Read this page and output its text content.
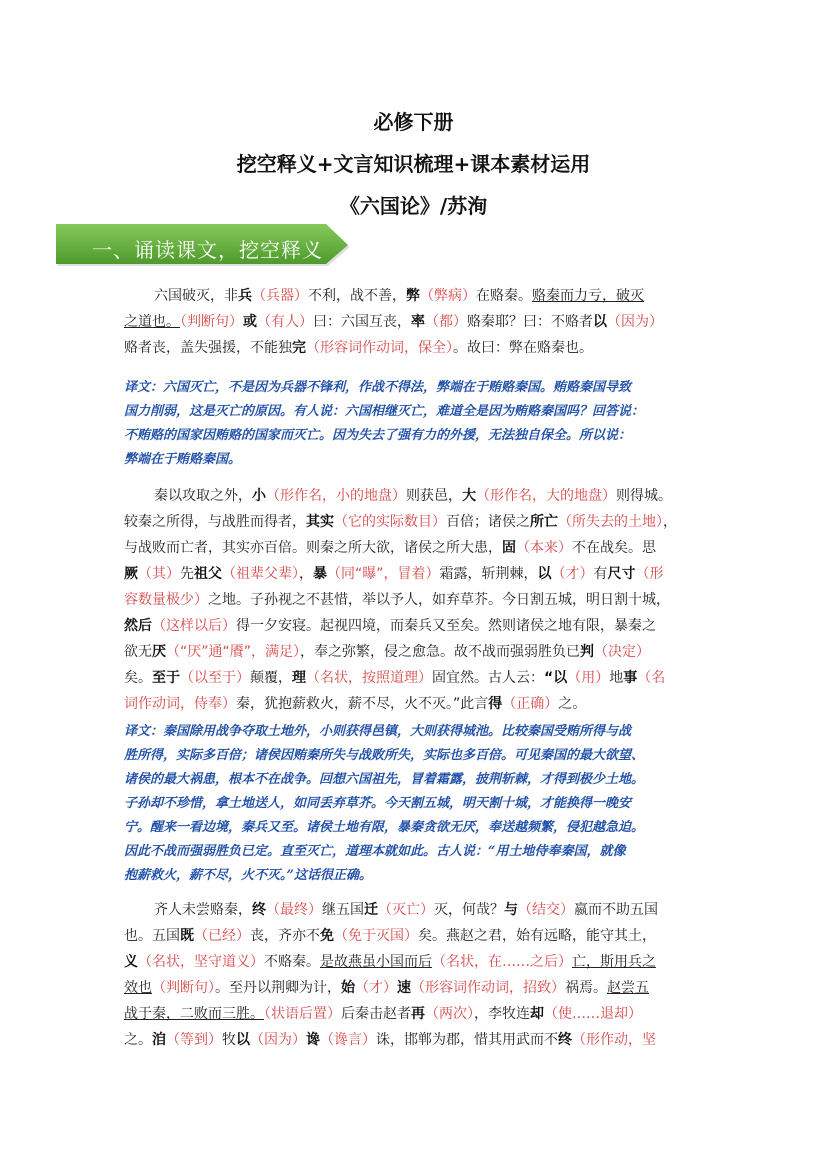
必修下册
挖空释义+文言知识梳理+课本素材运用
《六国论》/苏洵
一、诵读课文，挖空释义
六国破灭，非兵（兵器）不利，战不善，弊（弊病）在赂秦。赂秦而力亏，破灭
之道也。（判断句）或（有人）曰：六国互丧，率（都）赂秦耶？曰：不赂者以（因为）
赂者丧，盖失强援，不能独完（形容词作动词，保全）。故曰：弊在赂秦也。
译文：六国灭亡，不是因为兵器不锋利，作战不得法，弊端在于贿赂秦国。贿赂秦国导致
国力削弱，这是灭亡的原因。有人说：六国相继灭亡，难道全是因为贿赂秦国吗？回答说：
不贿赂的国家因贿赂的国家而灭亡。因为失去了强有力的外援，无法独自保全。所以说：
弊端在于贿赂秦国。
秦以攻取之外，小（形作名，小的地盘）则获邑，大（形作名，大的地盘）则得城。
较秦之所得，与战胜而得者，其实（它的实际数目）百倍；诸侯之所亡（所失去的土地），
与战败而亡者，其实亦百倍。则秦之所大欲，诸侯之所大患，固（本来）不在战矣。思
厥（其）先祖父（祖辈父辈），暴（同“曝”，冒着）霜露，斩荆棘，以（才）有尺寸（形
容数量极少）之地。子孙视之不甚惜，举以予人，如弃草芥。今日割五城，明日割十城，
然后（这样以后）得一夕安寝。起视四境，而秦兵又至矣。然则诸侯之地有限，暴秦之
欲无厌（“厌”通“餍”，满足），奉之弥繁，侵之愈急。故不战而强弱胜负已判（决定）
矣。至于（以至于）颠覆，理（名状，按照道理）固宜然。古人云：“以（用）地事（名
词作动词，侍奉）秦，犹抱薪救火，薪不尽，火不灭。”此言得（正确）之。
译文：秦国除用战争夺取土地外，小则获得邑镇，大则获得城池。比较秦国受贿所得与战
胜所得，实际多百倍；诸侯因贿秦所失与战败所失，实际也多百倍。可见秦国的最大欲望、
诸侯的最大祸患，根本不在战争。回想六国祖先，冒着霜露，披荆斩棘，才得到极少土地。
子孙却不珍惜，拿土地送人，如同丢弃草芥。今天割五城，明天割十城，才能换得一晚安
宁。醒来一看边境，秦兵又至。诸侯土地有限，暴秦贪欲无厌，奉送越频繁，侵犯越急迫。
因此不战而强弱胜负已定。直至灭亡，道理本就如此。古人说：“用土地侍奉秦国，就像
抱薪救火，薪不尽，火不灭。”这话很正确。
齐人未尝赂秦，终（最终）继五国迁（灭亡）灭，何哉？与（结交）嬴而不助五国
也。五国既（已经）丧，齐亦不免（免于灭国）矣。燕赵之君，始有远略，能守其土，
义（名状，坚守道义）不赂秦。是故燕虽小国而后（名状，在……之后）亡，斯用兵之
效也（判断句）。至丹以荆卿为计，始（才）速（形容词作动词，招致）祸焉。赵尝五
战于秦，二败而三胜。（状语后置）后秦击赵者再（两次），李牧连却（使……退却）
之。洎（等到）牧以（因为）谗（谗言）诛，邯郸为郡，惜其用武而不终（形作动，坚
